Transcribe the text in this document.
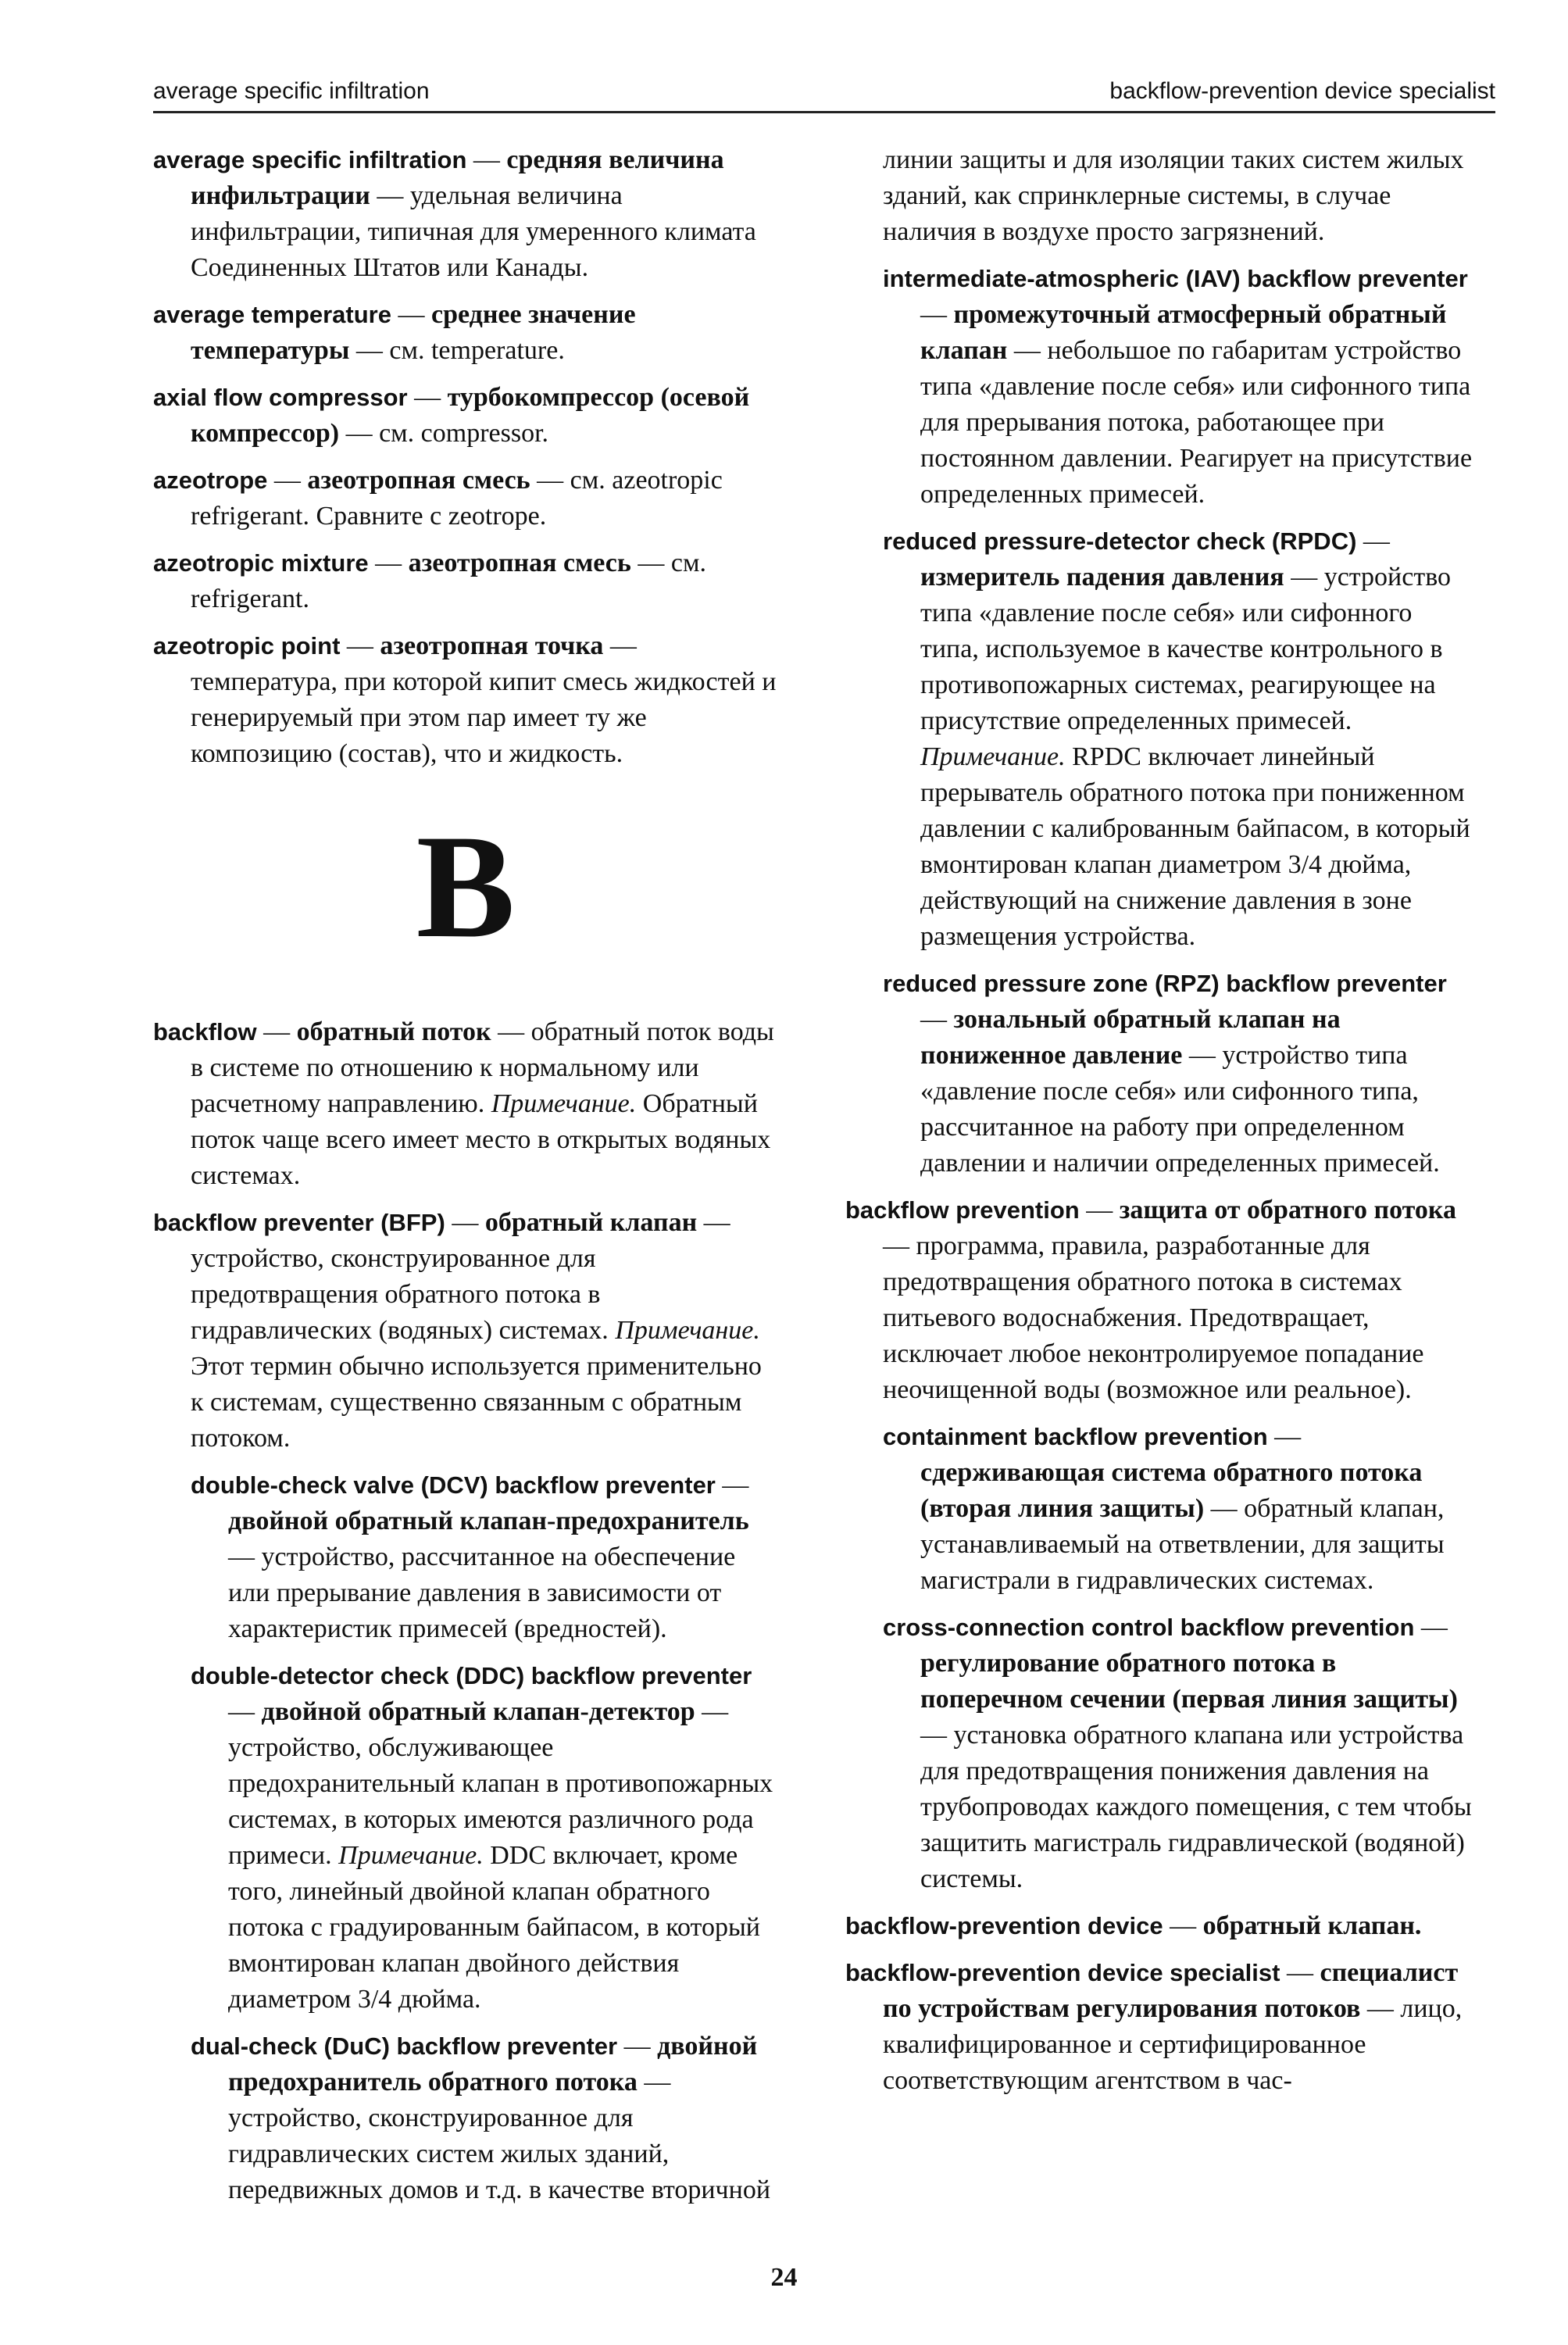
average specific infiltration	backflow-prevention device specialist

average specific infiltration — средняя величина инфильтрации — удельная величина инфильтрации, типичная для умеренного климата Соединенных Штатов или Канады.

average temperature — среднее значение температуры — см. temperature.

axial flow compressor — турбокомпрессор (осевой компрессор) — см. compressor.

azeotrope — азеотропная смесь — см. azeotropic refrigerant. Сравните с zeotrope.

azeotropic mixture — азеотропная смесь — см. refrigerant.

azeotropic point — азеотропная точка — температура, при которой кипит смесь жидкостей и генерируемый при этом пар имеет ту же композицию (состав), что и жидкость.

B

backflow — обратный поток — обратный поток воды в системе по отношению к нормальному или расчетному направлению. Примечание. Обратный поток чаще всего имеет место в открытых водяных системах.

backflow preventer (BFP) — обратный клапан — устройство, сконструированное для предотвращения обратного потока в гидравлических (водяных) системах. Примечание. Этот термин обычно используется применительно к системам, существенно связанным с обратным потоком.

double-check valve (DCV) backflow preventer — двойной обратный клапан-предохранитель — устройство, рассчитанное на обеспечение или прерывание давления в зависимости от характеристик примесей (вредностей).

double-detector check (DDC) backflow preventer — двойной обратный клапан-детектор — устройство, обслуживающее предохранительный клапан в противопожарных системах, в которых имеются различного рода примеси. Примечание. DDC включает, кроме того, линейный двойной клапан обратного потока с градуированным байпасом, в который вмонтирован клапан двойного действия диаметром 3/4 дюйма.

dual-check (DuC) backflow preventer — двойной предохранитель обратного потока — устройство, сконструированное для гидравлических систем жилых зданий, передвижных домов и т.д. в качестве вторичной

линии защиты и для изоляции таких систем жилых зданий, как спринклерные системы, в случае наличия в воздухе просто загрязнений.

intermediate-atmospheric (IAV) backflow preventer — промежуточный атмосферный обратный клапан — небольшое по габаритам устройство типа «давление после себя» или сифонного типа для прерывания потока, работающее при постоянном давлении. Реагирует на присутствие определенных примесей.

reduced pressure-detector check (RPDC) — измеритель падения давления — устройство типа «давление после себя» или сифонного типа, используемое в качестве контрольного в противопожарных системах, реагирующее на присутствие определенных примесей. Примечание. RPDC включает линейный прерыватель обратного потока при пониженном давлении с калиброванным байпасом, в который вмонтирован клапан диаметром 3/4 дюйма, действующий на снижение давления в зоне размещения устройства.

reduced pressure zone (RPZ) backflow preventer — зональный обратный клапан на пониженное давление — устройство типа «давление после себя» или сифонного типа, рассчитанное на работу при определенном давлении и наличии определенных примесей.

backflow prevention — защита от обратного потока — программа, правила, разработанные для предотвращения обратного потока в системах питьевого водоснабжения. Предотвращает, исключает любое неконтролируемое попадание неочищенной воды (возможное или реальное).

containment backflow prevention — сдерживающая система обратного потока (вторая линия защиты) — обратный клапан, устанавливаемый на ответвлении, для защиты магистрали в гидравлических системах.

cross-connection control backflow prevention — регулирование обратного потока в поперечном сечении (первая линия защиты) — установка обратного клапана или устройства для предотвращения понижения давления на трубопроводах каждого помещения, с тем чтобы защитить магистраль гидравлической (водяной) системы.

backflow-prevention device — обратный клапан.

backflow-prevention device specialist — специалист по устройствам регулирования потоков — лицо, квалифицированное и сертифицированное соответствующим агентством в час-

24
